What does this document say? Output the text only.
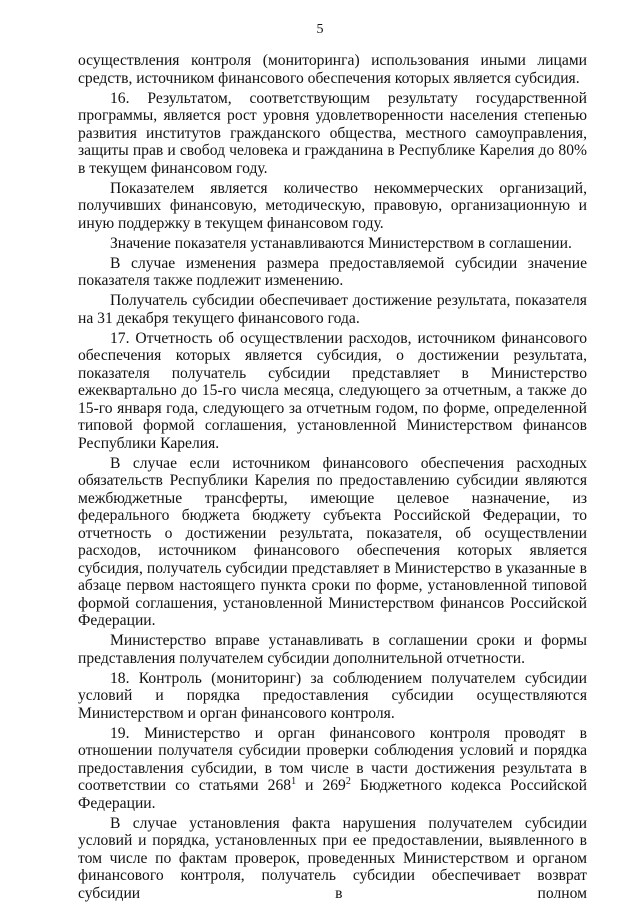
5

осуществления контроля (мониторинга) использования иными лицами средств, источником финансового обеспечения которых является субсидия.

16. Результатом, соответствующим результату государственной программы, является рост уровня удовлетворенности населения степенью развития институтов гражданского общества, местного самоуправления, защиты прав и свобод человека и гражданина в Республике Карелия до 80% в текущем финансовом году.

Показателем является количество некоммерческих организаций, получивших финансовую, методическую, правовую, организационную и иную поддержку в текущем финансовом году.

Значение показателя устанавливаются Министерством в соглашении.

В случае изменения размера предоставляемой субсидии значение показателя также подлежит изменению.

Получатель субсидии обеспечивает достижение результата, показателя на 31 декабря текущего финансового года.

17. Отчетность об осуществлении расходов, источником финансового обеспечения которых является субсидия, о достижении результата, показателя получатель субсидии представляет в Министерство ежеквартально до 15-го числа месяца, следующего за отчетным, а также до 15-го января года, следующего за отчетным годом, по форме, определенной типовой формой соглашения, установленной Министерством финансов Республики Карелия.

В случае если источником финансового обеспечения расходных обязательств Республики Карелия по предоставлению субсидии являются межбюджетные трансферты, имеющие целевое назначение, из федерального бюджета бюджету субъекта Российской Федерации, то отчетность о достижении результата, показателя, об осуществлении расходов, источником финансового обеспечения которых является субсидия, получатель субсидии представляет в Министерство в указанные в абзаце первом настоящего пункта сроки по форме, установленной типовой формой соглашения, установленной Министерством финансов Российской Федерации.

Министерство вправе устанавливать в соглашении сроки и формы представления получателем субсидии дополнительной отчетности.

18. Контроль (мониторинг) за соблюдением получателем субсидии условий и порядка предоставления субсидии осуществляются Министерством и орган финансового контроля.

19. Министерство и орган финансового контроля проводят в отношении получателя субсидии проверки соблюдения условий и порядка предоставления субсидии, в том числе в части достижения результата в соответствии со статьями 268$^1$ и 269$^2$ Бюджетного кодекса Российской Федерации.

В случае установления факта нарушения получателем субсидии условий и порядка, установленных при ее предоставлении, выявленного в том числе по фактам проверок, проведенных Министерством и органом финансового контроля, получатель субсидии обеспечивает возврат субсидии в полном
